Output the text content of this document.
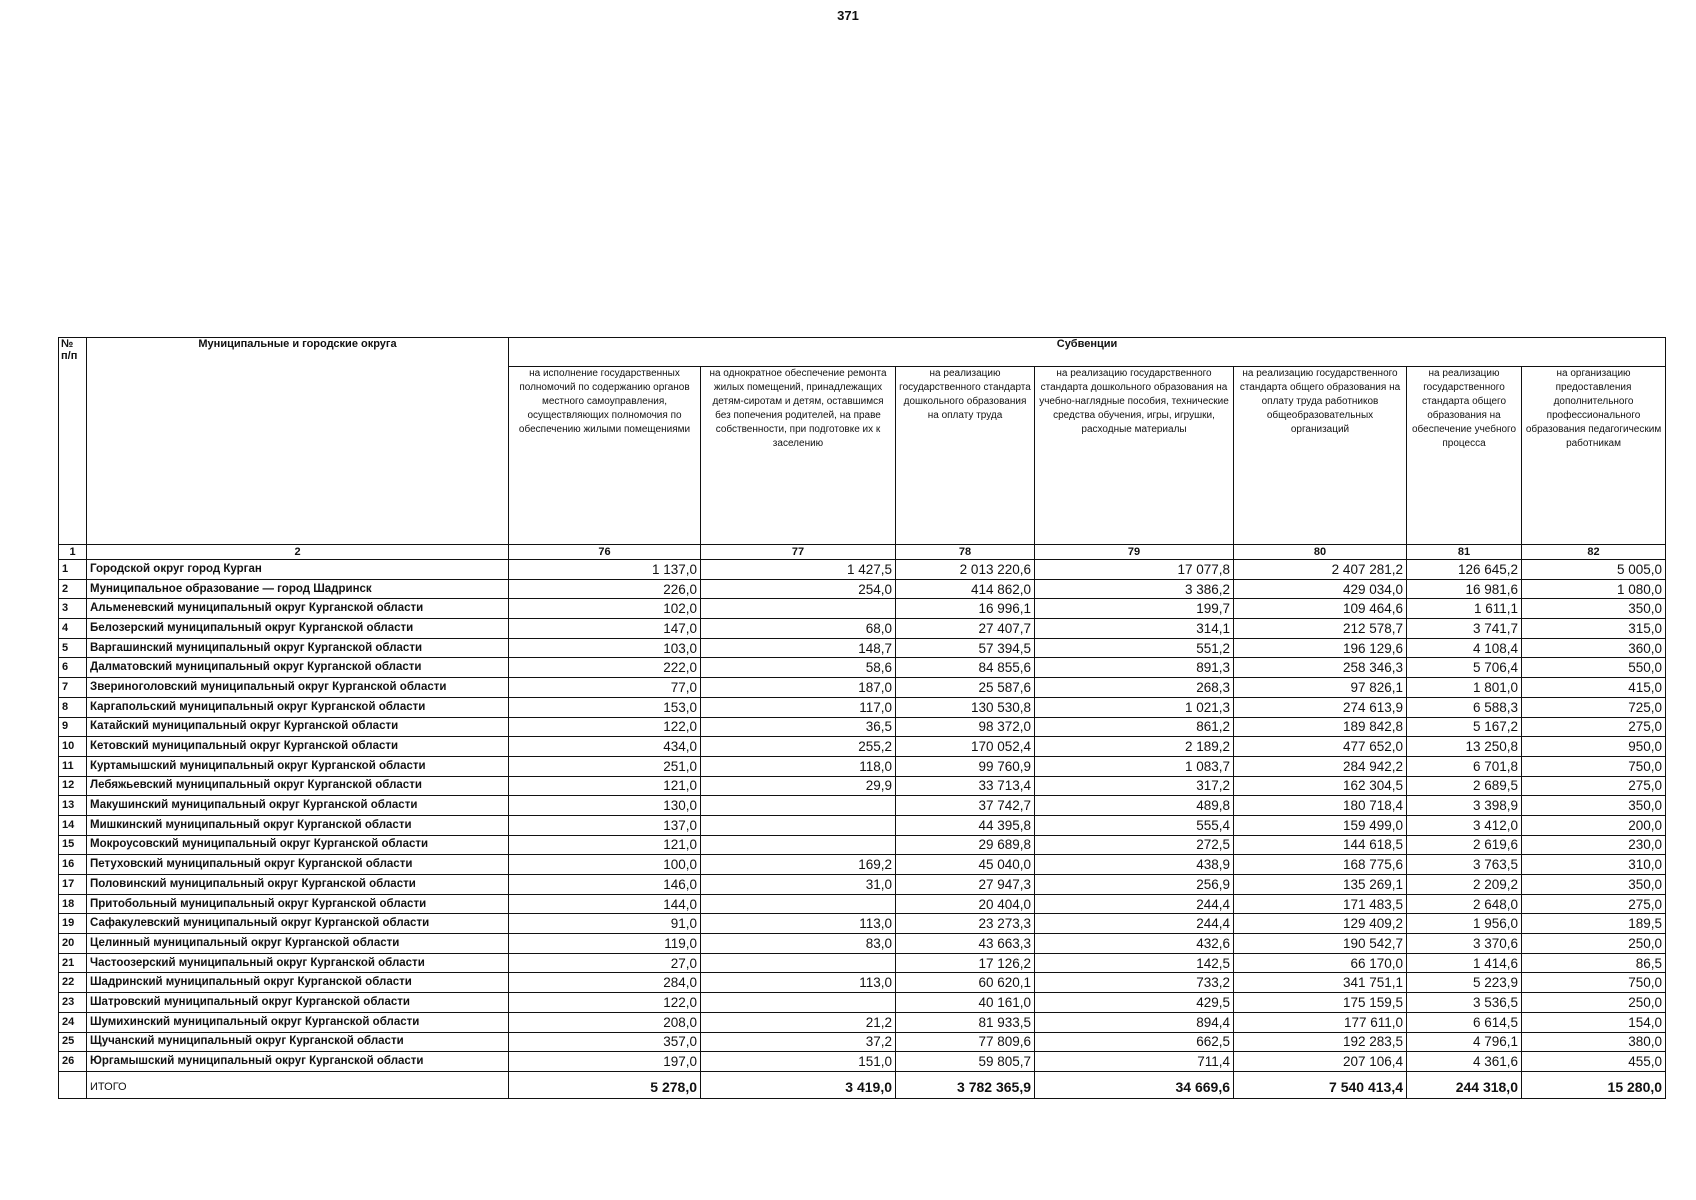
371
№ п/п	Муниципальные и городские округа	Субвенции						
		на исполнение государственных полномочий по содержанию органов местного самоуправления, осуществляющих полномочия по обеспечению жилыми помещениями	на однократное обеспечение ремонта жилых помещений, принадлежащих детям-сиротам и детям, оставшимся без попечения родителей, на праве собственности, при подготовке их к заселению	на реализацию государственного стандарта дошкольного образования на оплату труда	на реализацию государственного стандарта дошкольного образования на учебно-наглядные пособия, технические средства обучения, игры, игрушки, расходные материалы	на реализацию государственного стандарта общего образования на оплату труда работников общеобразовательных организаций	на реализацию государственного стандарта общего образования на обеспечение учебного процесса	на организацию предоставления дополнительного профессионального образования педагогическим работникам
1	2	76	77	78	79	80	81	82
1	Городской округ город Курган	1 137,0	1 427,5	2 013 220,6	17 077,8	2 407 281,2	126 645,2	5 005,0
2	Муниципальное образование — город Шадринск	226,0	254,0	414 862,0	3 386,2	429 034,0	16 981,6	1 080,0
3	Альменевский муниципальный округ Курганской области	102,0		16 996,1	199,7	109 464,6	1 611,1	350,0
4	Белозерский муниципальный округ Курганской области	147,0	68,0	27 407,7	314,1	212 578,7	3 741,7	315,0
5	Варгашинский муниципальный округ Курганской области	103,0	148,7	57 394,5	551,2	196 129,6	4 108,4	360,0
6	Далматовский муниципальный округ Курганской области	222,0	58,6	84 855,6	891,3	258 346,3	5 706,4	550,0
7	Звериноголовский муниципальный округ Курганской области	77,0	187,0	25 587,6	268,3	97 826,1	1 801,0	415,0
8	Каргапольский муниципальный округ Курганской области	153,0	117,0	130 530,8	1 021,3	274 613,9	6 588,3	725,0
9	Катайский муниципальный округ Курганской области	122,0	36,5	98 372,0	861,2	189 842,8	5 167,2	275,0
10	Кетовский муниципальный округ Курганской области	434,0	255,2	170 052,4	2 189,2	477 652,0	13 250,8	950,0
11	Куртамышский муниципальный округ Курганской области	251,0	118,0	99 760,9	1 083,7	284 942,2	6 701,8	750,0
12	Лебяжьевский муниципальный округ Курганской области	121,0	29,9	33 713,4	317,2	162 304,5	2 689,5	275,0
13	Макушинский муниципальный округ Курганской области	130,0		37 742,7	489,8	180 718,4	3 398,9	350,0
14	Мишкинский муниципальный округ Курганской области	137,0		44 395,8	555,4	159 499,0	3 412,0	200,0
15	Мокроусовский муниципальный округ Курганской области	121,0		29 689,8	272,5	144 618,5	2 619,6	230,0
16	Петуховский муниципальный округ Курганской области	100,0	169,2	45 040,0	438,9	168 775,6	3 763,5	310,0
17	Половинский муниципальный округ Курганской области	146,0	31,0	27 947,3	256,9	135 269,1	2 209,2	350,0
18	Притобольный муниципальный округ Курганской области	144,0		20 404,0	244,4	171 483,5	2 648,0	275,0
19	Сафакулевский муниципальный округ Курганской области	91,0	113,0	23 273,3	244,4	129 409,2	1 956,0	189,5
20	Целинный муниципальный округ Курганской области	119,0	83,0	43 663,3	432,6	190 542,7	3 370,6	250,0
21	Частоозерский муниципальный округ Курганской области	27,0		17 126,2	142,5	66 170,0	1 414,6	86,5
22	Шадринский муниципальный округ Курганской области	284,0	113,0	60 620,1	733,2	341 751,1	5 223,9	750,0
23	Шатровский муниципальный округ Курганской области	122,0		40 161,0	429,5	175 159,5	3 536,5	250,0
24	Шумихинский муниципальный округ Курганской области	208,0	21,2	81 933,5	894,4	177 611,0	6 614,5	154,0
25	Щучанский муниципальный округ Курганской области	357,0	37,2	77 809,6	662,5	192 283,5	4 796,1	380,0
26	Юргамышский муниципальный округ Курганской области	197,0	151,0	59 805,7	711,4	207 106,4	4 361,6	455,0
	ИТОГО	5 278,0	3 419,0	3 782 365,9	34 669,6	7 540 413,4	244 318,0	15 280,0
